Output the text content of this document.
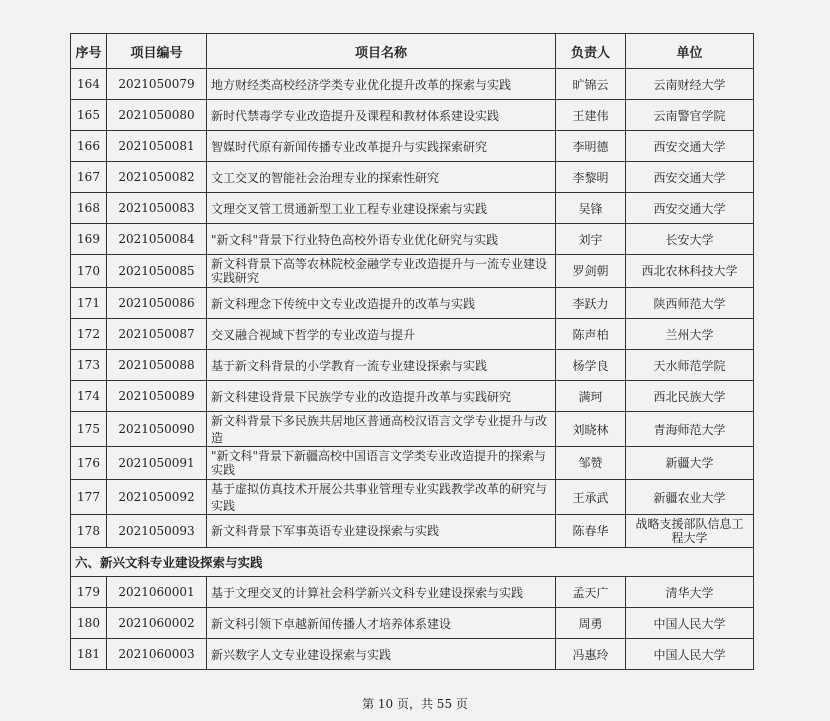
序号	项目编号	项目名称	负责人	单位
164	2021050079	地方财经类高校经济学类专业优化提升改革的探索与实践	旷锦云	云南财经大学
165	2021050080	新时代禁毒学专业改造提升及课程和教材体系建设实践	王建伟	云南警官学院
166	2021050081	智媒时代原有新闻传播专业改革提升与实践探索研究	李明德	西安交通大学
167	2021050082	文工交叉的智能社会治理专业的探索性研究	李黎明	西安交通大学
168	2021050083	文理交叉管工贯通新型工业工程专业建设探索与实践	吴锋	西安交通大学
169	2021050084	"新文科"背景下行业特色高校外语专业优化研究与实践	刘宇	长安大学
170	2021050085	新文科背景下高等农林院校金融学专业改造提升与一流专业建设实践研究	罗剑朝	西北农林科技大学
171	2021050086	新文科理念下传统中文专业改造提升的改革与实践	李跃力	陕西师范大学
172	2021050087	交叉融合视域下哲学的专业改造与提升	陈声柏	兰州大学
173	2021050088	基于新文科背景的小学教育一流专业建设探索与实践	杨学良	天水师范学院
174	2021050089	新文科建设背景下民族学专业的改造提升改革与实践研究	满珂	西北民族大学
175	2021050090	新文科背景下多民族共居地区普通高校汉语言文学专业提升与改造	刘晓林	青海师范大学
176	2021050091	"新文科"背景下新疆高校中国语言文学类专业改造提升的探索与实践	邹赞	新疆大学
177	2021050092	基于虚拟仿真技术开展公共事业管理专业实践教学改革的研究与实践	王承武	新疆农业大学
178	2021050093	新文科背景下军事英语专业建设探索与实践	陈春华	战略支援部队信息工程大学
六、新兴文科专业建设探索与实践				
179	2021060001	基于文理交叉的计算社会科学新兴文科专业建设探索与实践	孟天广	清华大学
180	2021060002	新文科引领下卓越新闻传播人才培养体系建设	周勇	中国人民大学
181	2021060003	新兴数字人文专业建设探索与实践	冯惠玲	中国人民大学
第 10 页，共 55 页
